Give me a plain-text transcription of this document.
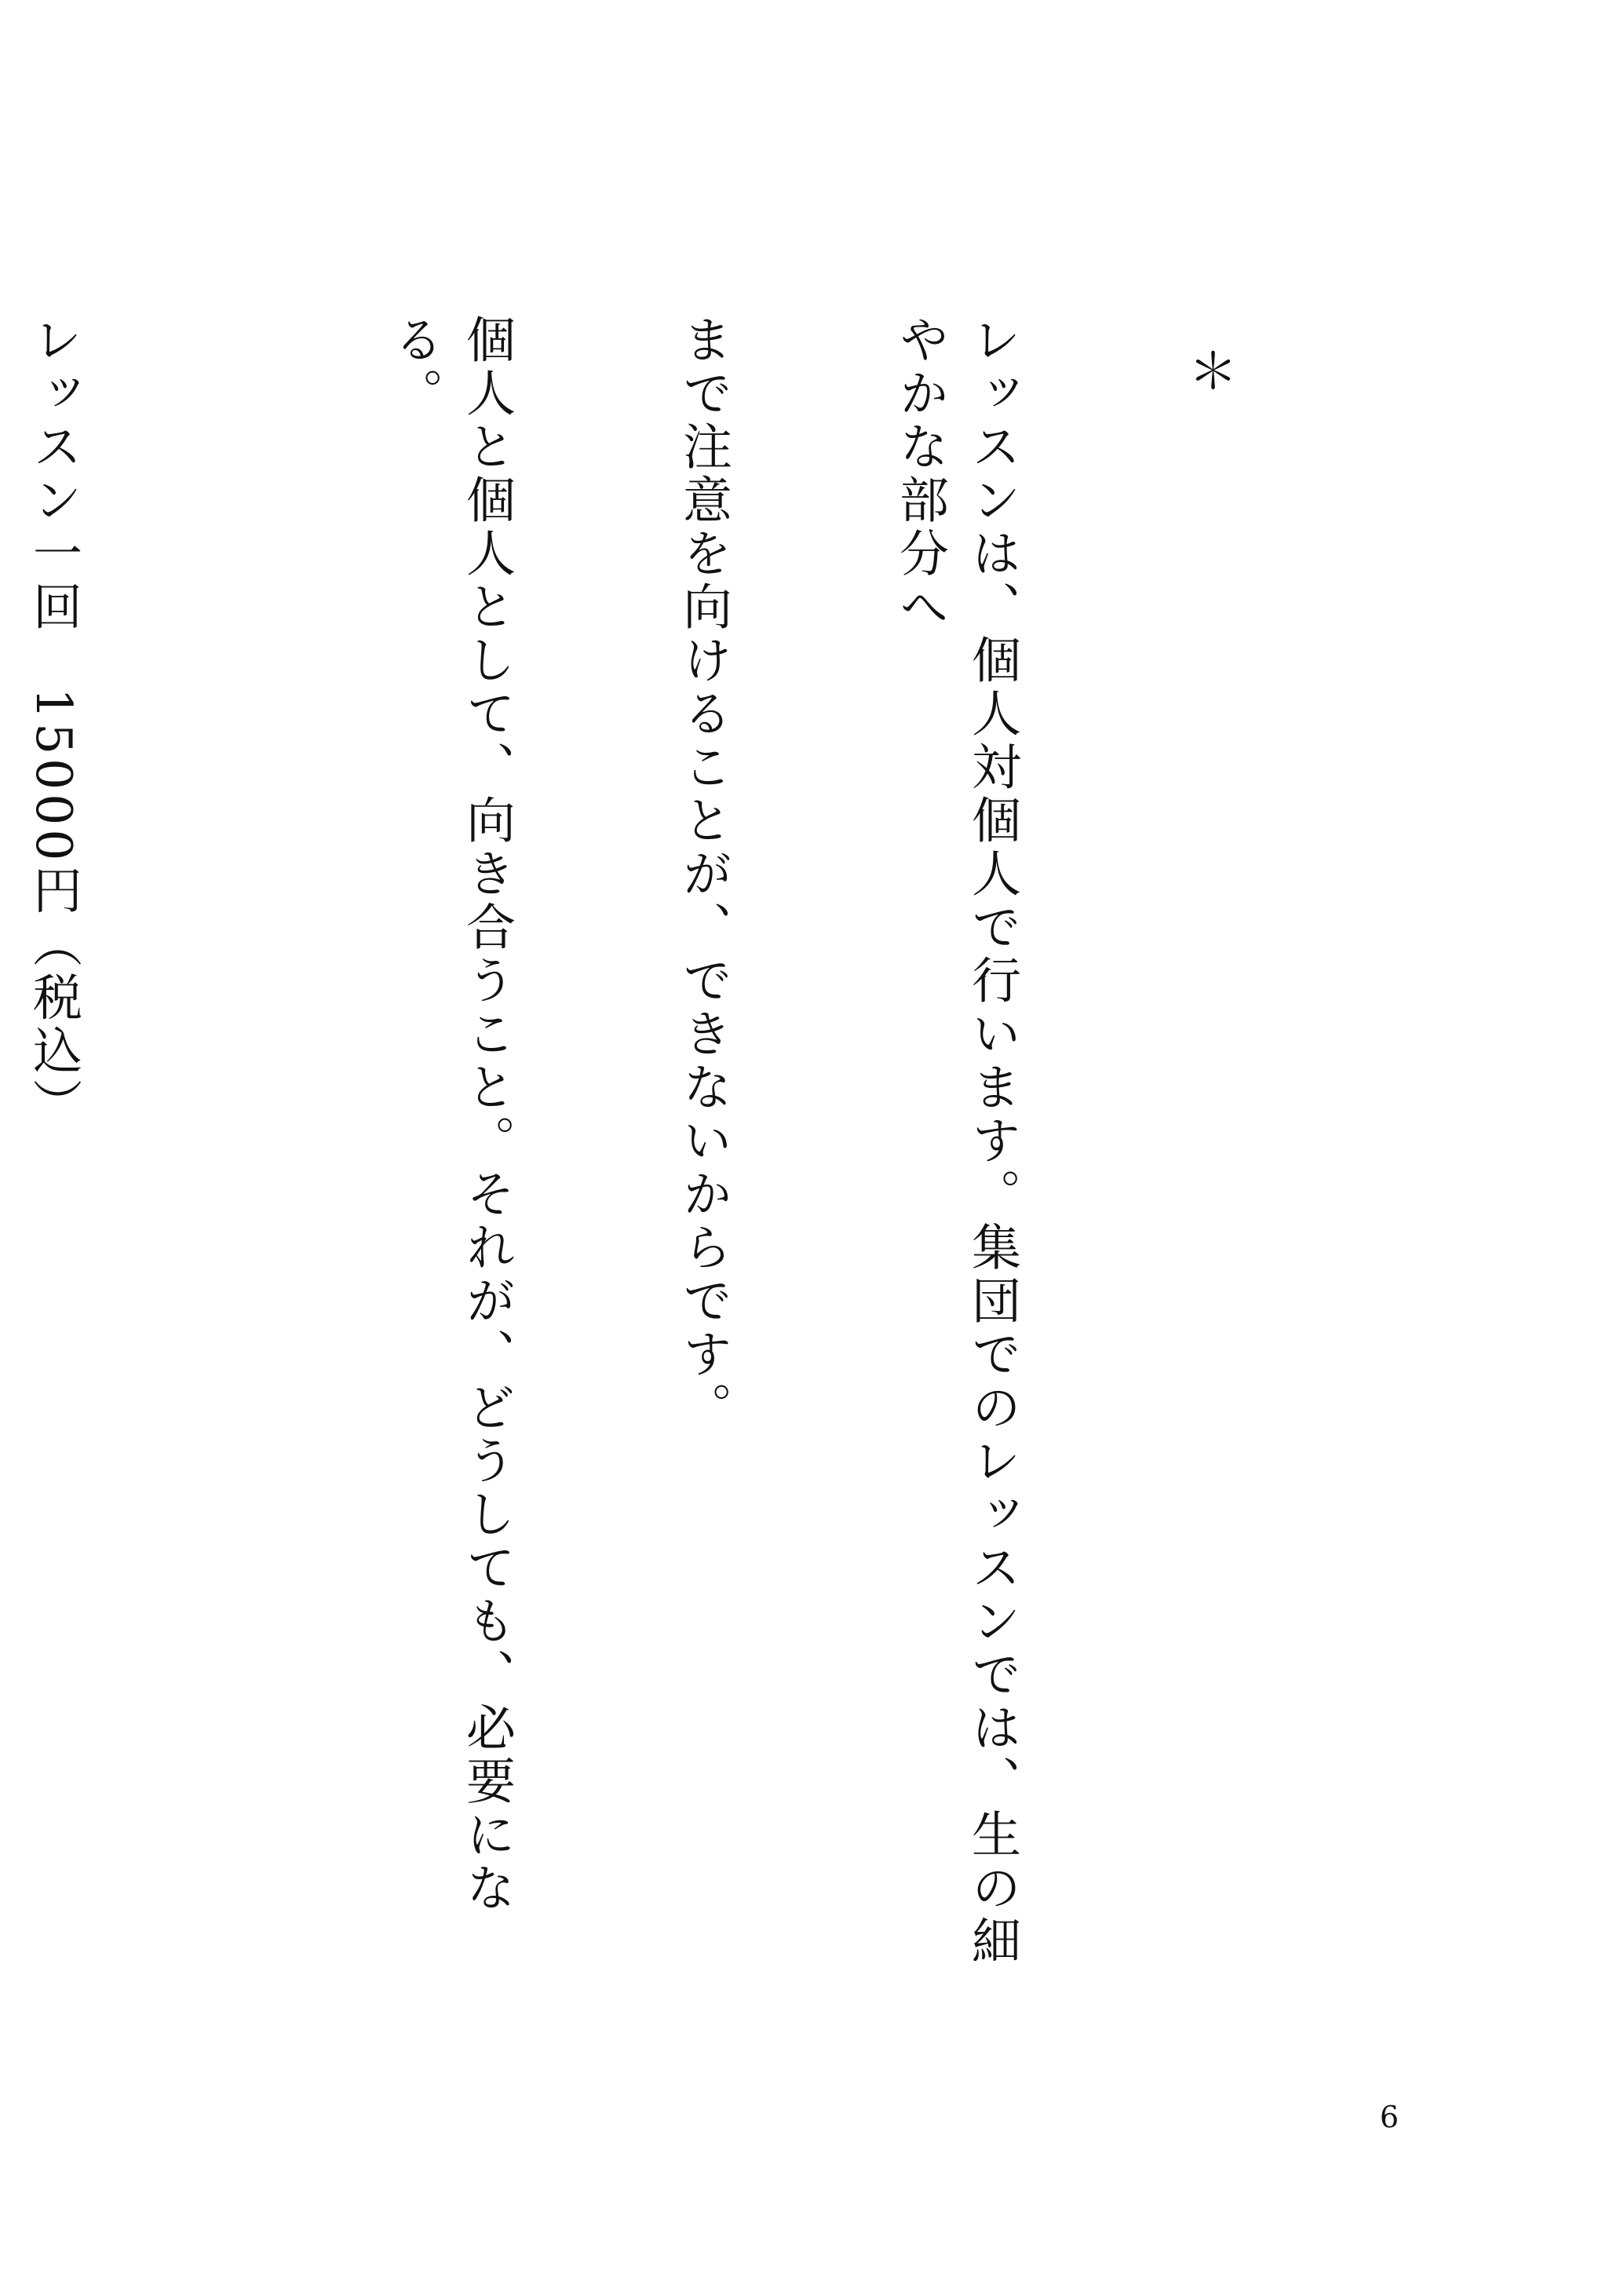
＊

レッスンは、個人対個人で行います。集団でのレッスンでは、生の細やかな部分へ

まで注意を向けることが、できないからです。

個人と個人として、向き合うこと。それが、どうしても、必要になる。

レッスン一回　15000円（税込）

6
